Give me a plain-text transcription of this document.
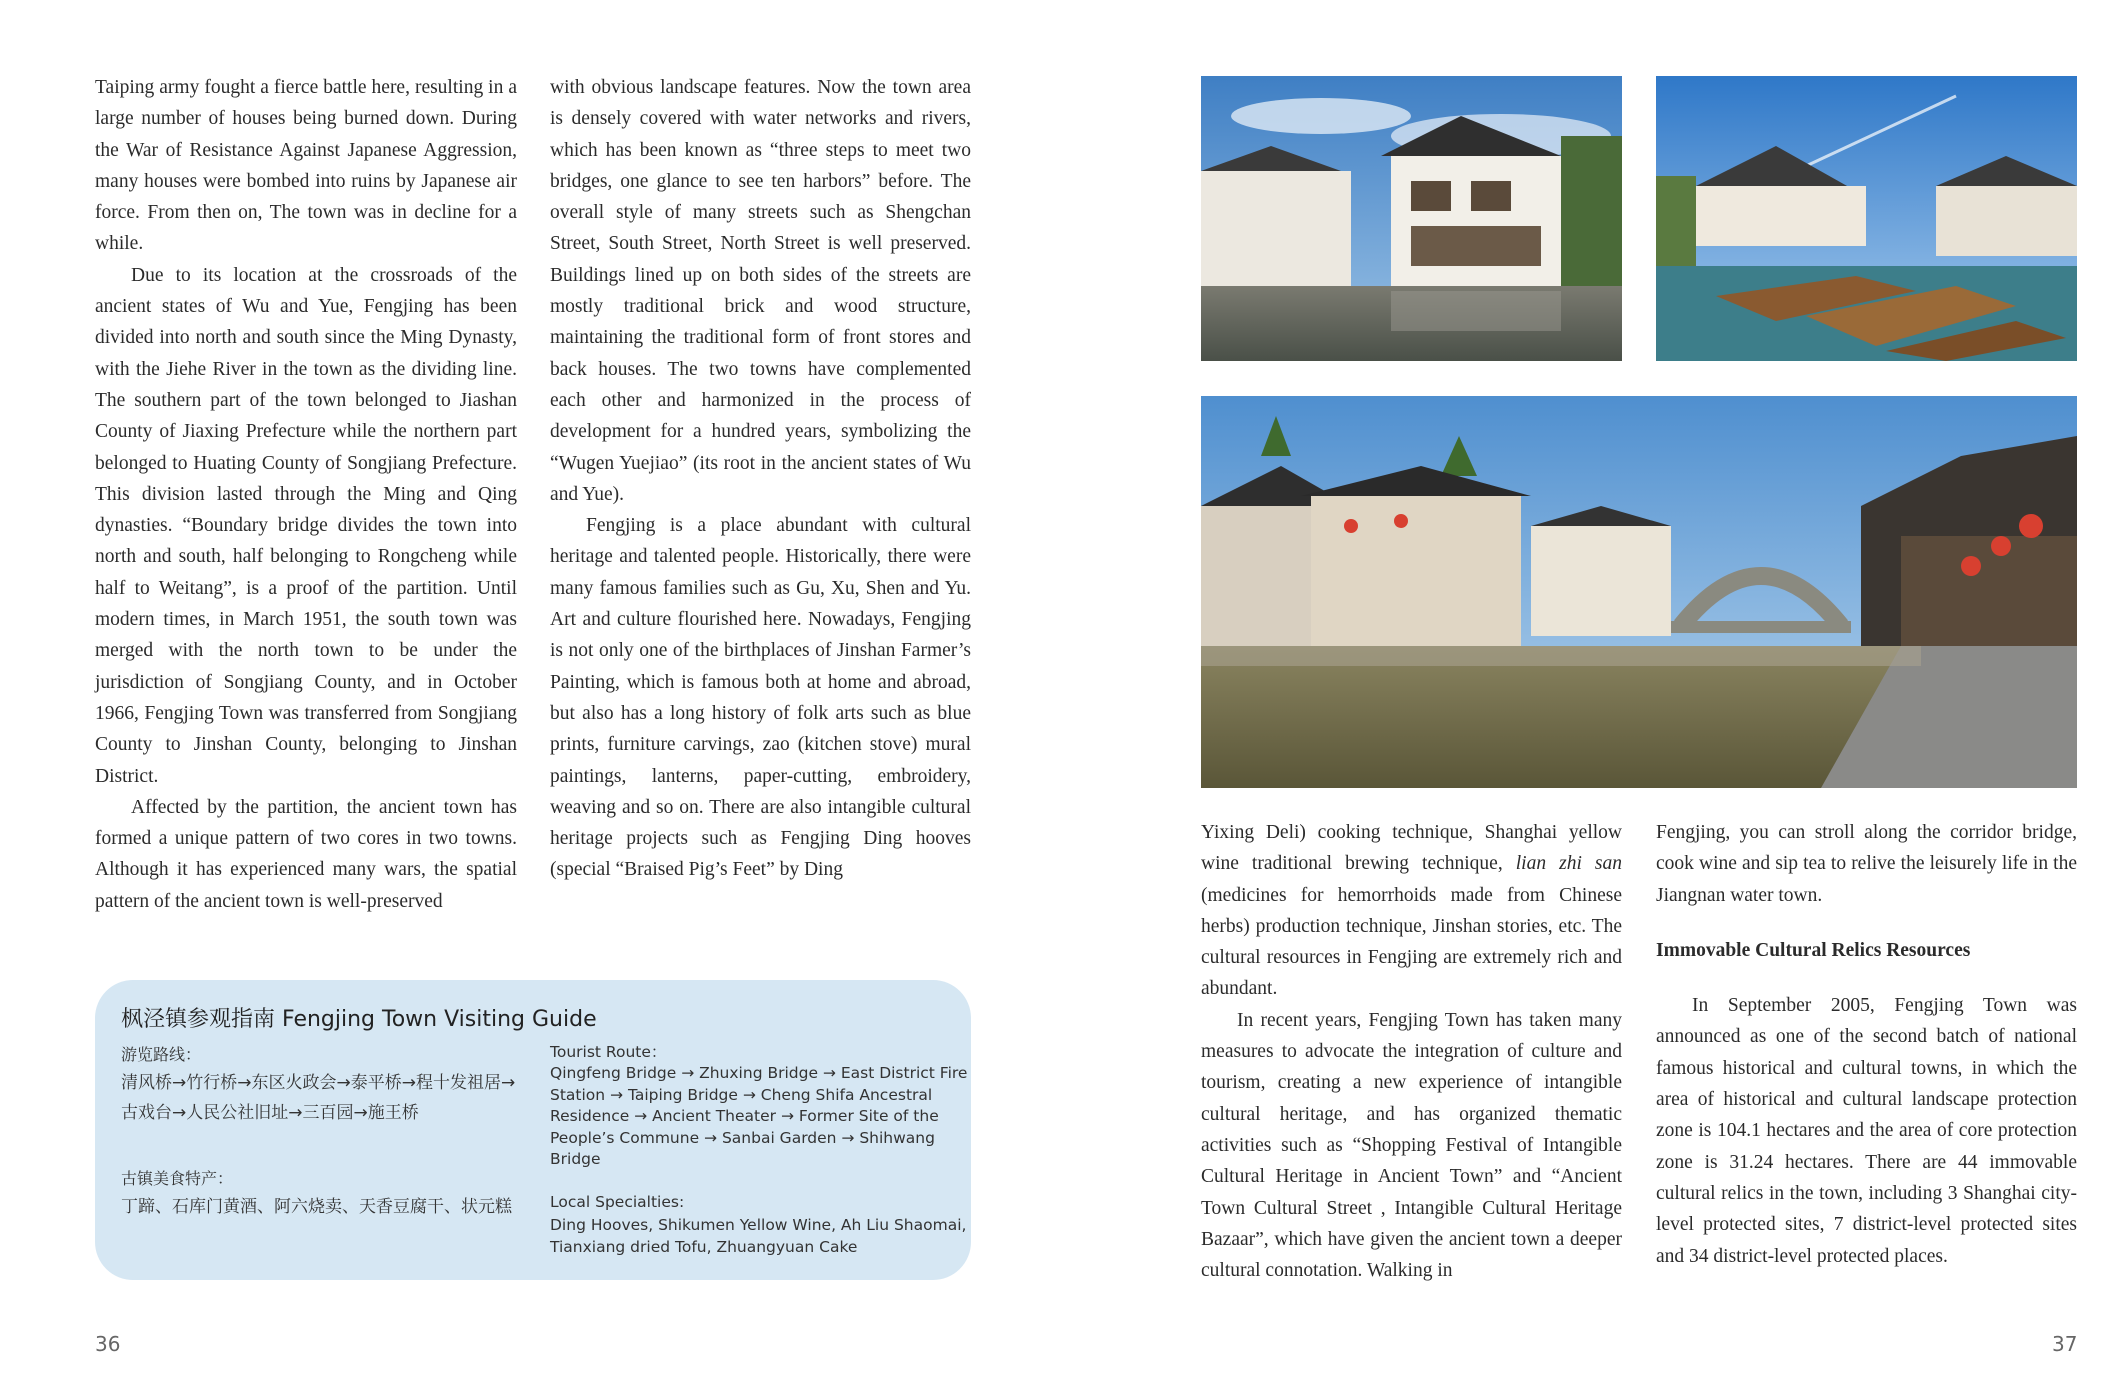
Taiping army fought a fierce battle here, resulting in a large number of houses being burned down. During the War of Resistance Against Japanese Aggression, many houses were bombed into ruins by Japanese air force. From then on, The town was in decline for a while.

Due to its location at the crossroads of the ancient states of Wu and Yue, Fengjing has been divided into north and south since the Ming Dynasty, with the Jiehe River in the town as the dividing line. The southern part of the town belonged to Jiashan County of Jiaxing Prefecture while the northern part belonged to Huating County of Songjiang Prefecture. This division lasted through the Ming and Qing dynasties. “Boundary bridge divides the town into north and south, half belonging to Rongcheng while half to Weitang”, is a proof of the partition. Until modern times, in March 1951, the south town was merged with the north town to be under the jurisdiction of Songjiang County, and in October 1966, Fengjing Town was transferred from Songjiang County to Jinshan County, belonging to Jinshan District.

Affected by the partition, the ancient town has formed a unique pattern of two cores in two towns. Although it has experienced many wars, the spatial pattern of the ancient town is well-preserved

with obvious landscape features. Now the town area is densely covered with water networks and rivers, which has been known as “three steps to meet two bridges, one glance to see ten harbors” before. The overall style of many streets such as Shengchan Street, South Street, North Street is well preserved. Buildings lined up on both sides of the streets are mostly traditional brick and wood structure, maintaining the traditional form of front stores and back houses. The two towns have complemented each other and harmonized in the process of development for a hundred years, symbolizing the “Wugen Yuejiao” (its root in the ancient states of Wu and Yue).

Fengjing is a place abundant with cultural heritage and talented people. Historically, there were many famous families such as Gu, Xu, Shen and Yu. Art and culture flourished here. Nowadays, Fengjing is not only one of the birthplaces of Jinshan Farmer’s Painting, which is famous both at home and abroad, but also has a long history of folk arts such as blue prints, furniture carvings, zao (kitchen stove) mural paintings, lanterns, paper-cutting, embroidery, weaving and so on. There are also intangible cultural heritage projects such as Fengjing Ding hooves (special “Braised Pig’s Feet” by Ding

枫泾镇参观指南 Fengjing Town Visiting Guide
游览路线：
清风桥→竹行桥→东区火政会→泰平桥→程十发祖居→古戏台→人民公社旧址→三百园→施王桥
古镇美食特产：
丁蹄、石库门黄酒、阿六烧卖、天香豆腐干、状元糕
Tourist Route：
Qingfeng Bridge → Zhuxing Bridge → East District Fire Station → Taiping Bridge → Cheng Shifa Ancestral Residence → Ancient Theater → Former Site of the People’s Commune → Sanbai Garden → Shihwang Bridge
Local Specialties:
Ding Hooves, Shikumen Yellow Wine, Ah Liu Shaomai, Tianxiang dried Tofu, Zhuangyuan Cake
36

Yixing Deli) cooking technique, Shanghai yellow wine traditional brewing technique, lian zhi san (medicines for hemorrhoids made from Chinese herbs) production technique, Jinshan stories, etc. The cultural resources in Fengjing are extremely rich and abundant.

In recent years, Fengjing Town has taken many measures to advocate the integration of culture and tourism, creating a new experience of intangible cultural heritage, and has organized thematic activities such as “Shopping Festival of Intangible Cultural Heritage in Ancient Town” and “Ancient Town Cultural Street , Intangible Cultural Heritage Bazaar”, which have given the ancient town a deeper cultural connotation. Walking in

Fengjing, you can stroll along the corridor bridge, cook wine and sip tea to relive the leisurely life in the Jiangnan water town.

Immovable Cultural Relics Resources

In September 2005, Fengjing Town was announced as one of the second batch of national famous historical and cultural towns, in which the area of historical and cultural landscape protection zone is 104.1 hectares and the area of core protection zone is 31.24 hectares. There are 44 immovable cultural relics in the town, including 3 Shanghai city-level protected sites, 7 district-level protected sites and 34 district-level protected places.

37
